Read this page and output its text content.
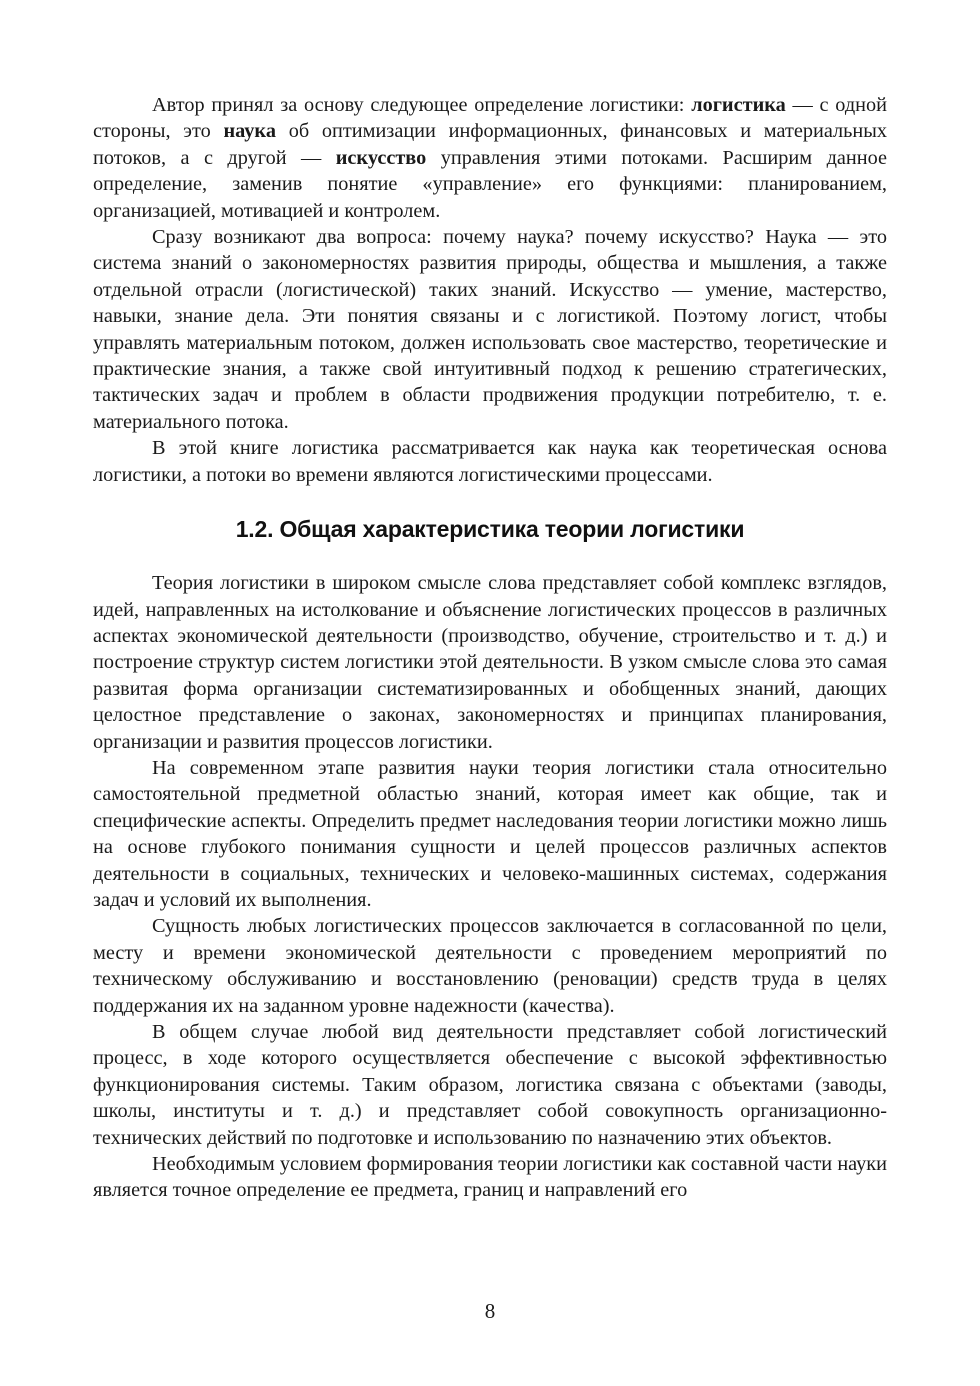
Автор принял за основу следующее определение логистики: логистика — с одной стороны, это наука об оптимизации информационных, финансовых и материальных потоков, а с другой — искусство управления этими потоками. Расширим данное определение, заменив понятие «управление» его функциями: планированием, организацией, мотивацией и контролем.

Сразу возникают два вопроса: почему наука? почему искусство? Наука — это система знаний о закономерностях развития природы, общества и мышления, а также отдельной отрасли (логистической) таких знаний. Искусство — умение, мастерство, навыки, знание дела. Эти понятия связаны и с логистикой. Поэтому логист, чтобы управлять материальным потоком, должен использовать свое мастерство, теоретические и практические знания, а также свой интуитивный подход к решению стратегических, тактических задач и проблем в области продвижения продукции потребителю, т. е. материального потока.

В этой книге логистика рассматривается как наука как теоретическая основа логистики, а потоки во времени являются логистическими процессами.

1.2. Общая характеристика теории логистики

Теория логистики в широком смысле слова представляет собой комплекс взглядов, идей, направленных на истолкование и объяснение логистических процессов в различных аспектах экономической деятельности (производство, обучение, строительство и т. д.) и построение структур систем логистики этой деятельности. В узком смысле слова это самая развитая форма организации систематизированных и обобщенных знаний, дающих целостное представление о законах, закономерностях и принципах планирования, организации и развития процессов логистики.

На современном этапе развития науки теория логистики стала относительно самостоятельной предметной областью знаний, которая имеет как общие, так и специфические аспекты. Определить предмет наследования теории логистики можно лишь на основе глубокого понимания сущности и целей процессов различных аспектов деятельности в социальных, технических и человеко-машинных системах, содержания задач и условий их выполнения.

Сущность любых логистических процессов заключается в согласованной по цели, месту и времени экономической деятельности с проведением мероприятий по техническому обслуживанию и восстановлению (реновации) средств труда в целях поддержания их на заданном уровне надежности (качества).

В общем случае любой вид деятельности представляет собой логистический процесс, в ходе которого осуществляется обеспечение с высокой эффективностью функционирования системы. Таким образом, логистика связана с объектами (заводы, школы, институты и т. д.) и представляет собой совокупность организационно-технических действий по подготовке и использованию по назначению этих объектов.

Необходимым условием формирования теории логистики как составной части науки является точное определение ее предмета, границ и направлений его

8
